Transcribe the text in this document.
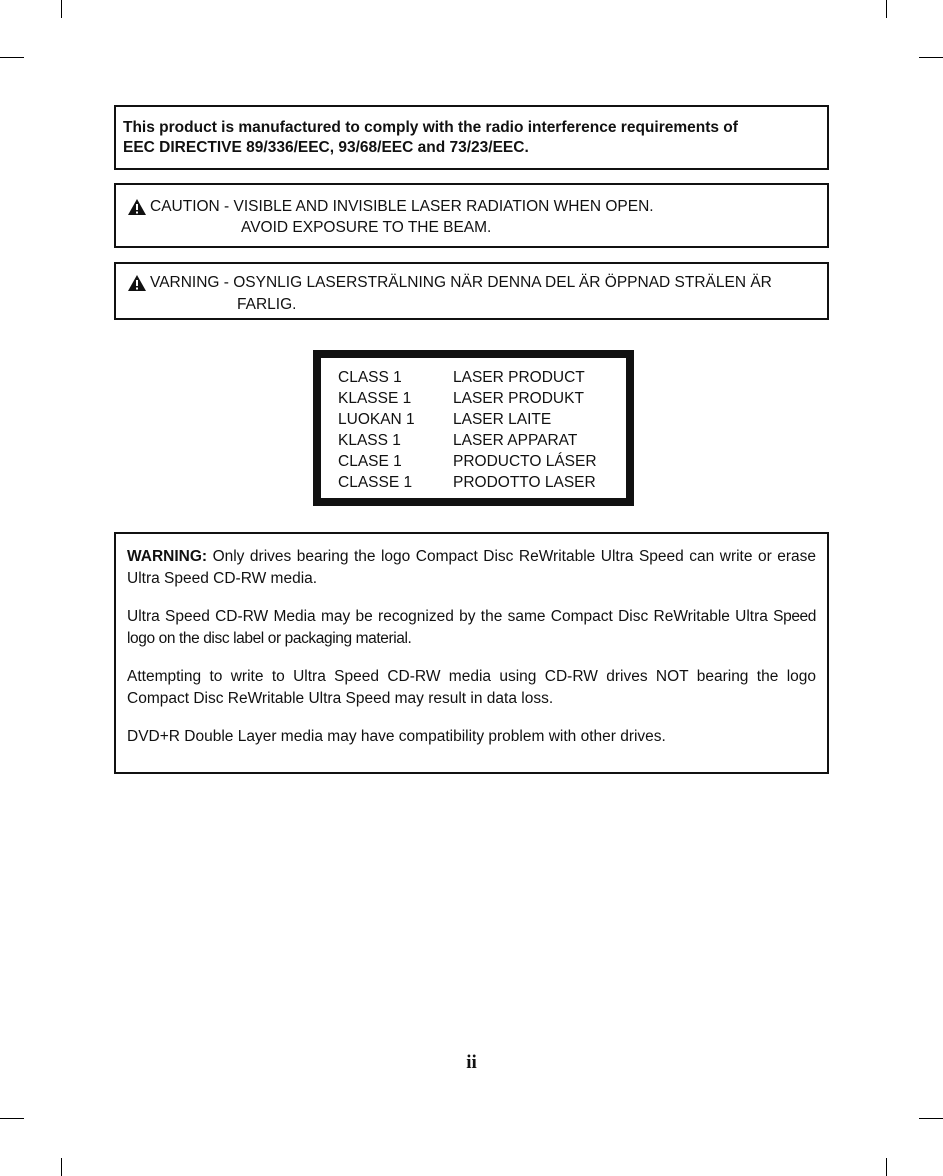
This product is manufactured to comply with the radio interference requirements of
EEC DIRECTIVE 89/336/EEC, 93/68/EEC and 73/23/EEC.
CAUTION - VISIBLE AND INVISIBLE LASER RADIATION WHEN OPEN.
AVOID EXPOSURE TO THE BEAM.
VARNING - OSYNLIG LASERSTRÄLNING NÄR DENNA DEL ÄR ÖPPNAD STRÄLEN ÄR
FARLIG.
CLASS 1	LASER PRODUCT
KLASSE 1	LASER PRODUKT
LUOKAN 1	LASER LAITE
KLASS 1	LASER APPARAT
CLASE 1	PRODUCTO LÁSER
CLASSE 1	PRODOTTO LASER

WARNING: Only drives bearing the logo Compact Disc ReWritable Ultra Speed can write or erase Ultra Speed CD-RW media.

Ultra Speed CD-RW Media may be recognized by the same Compact Disc ReWritable Ultra Speed logo on the disc label or packaging material.

Attempting to write to Ultra Speed CD-RW media using CD-RW drives NOT bearing the logo Compact Disc ReWritable Ultra Speed may result in data loss.

DVD+R Double Layer media may have compatibility problem with other drives.

ii
